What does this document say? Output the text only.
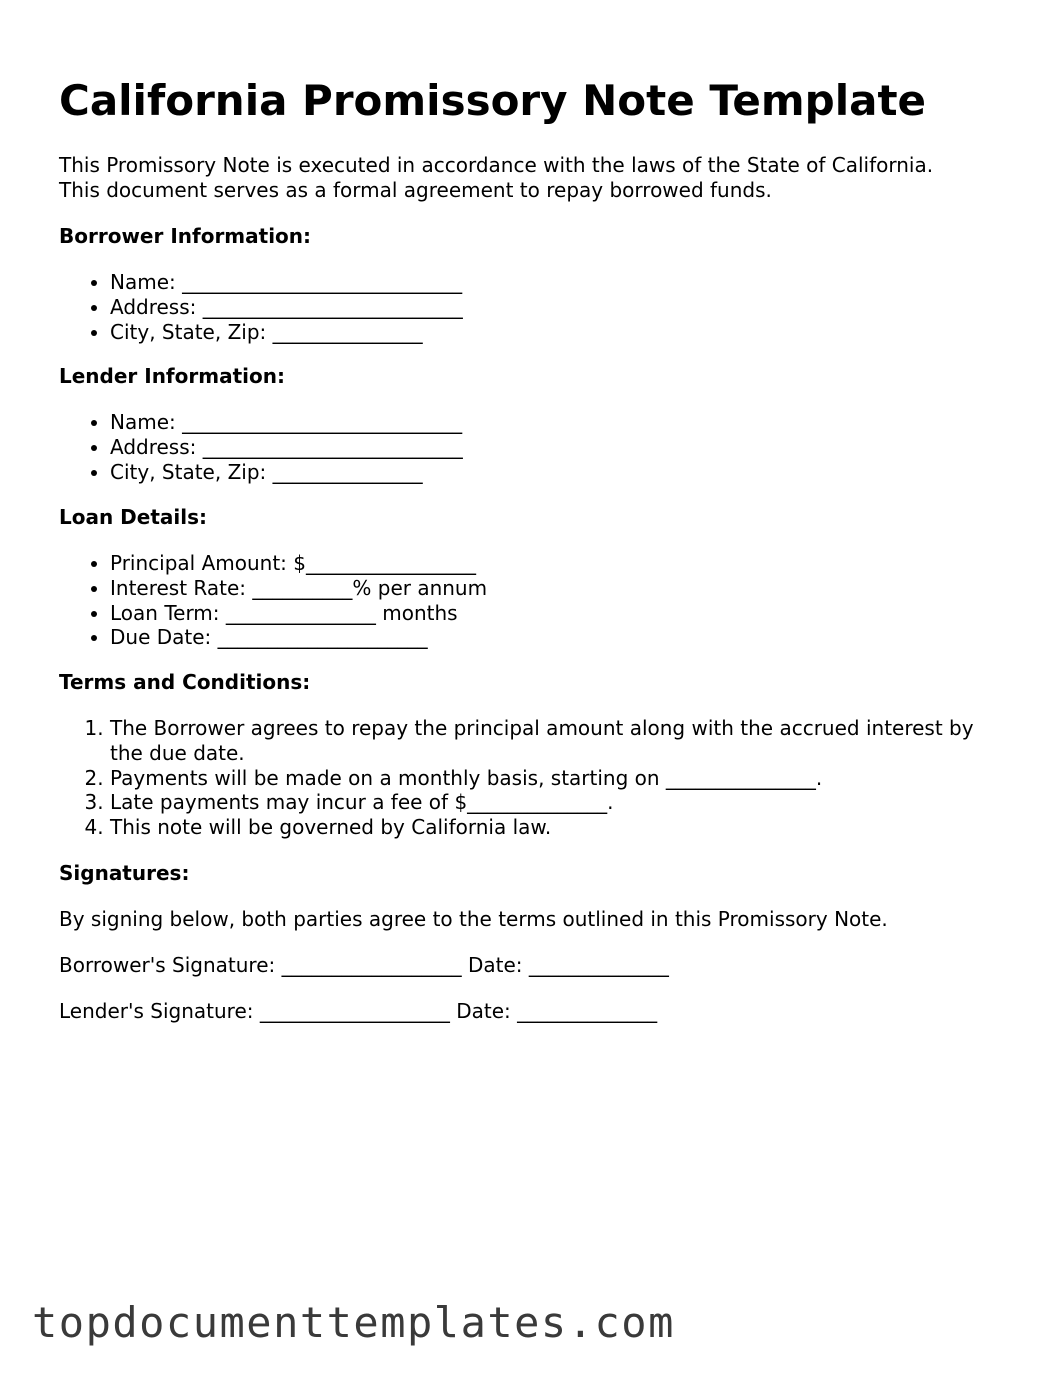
California Promissory Note Template
This Promissory Note is executed in accordance with the laws of the State of California.
This document serves as a formal agreement to repay borrowed funds.

Borrower Information:

• Name: ____________________________
• Address: __________________________
• City, State, Zip: _______________

Lender Information:

• Name: ____________________________
• Address: __________________________
• City, State, Zip: _______________

Loan Details:

• Principal Amount: $_________________
• Interest Rate: __________% per annum
• Loan Term: _______________ months
• Due Date: _____________________

Terms and Conditions:

1. The Borrower agrees to repay the principal amount along with the accrued interest by the due date.
2. Payments will be made on a monthly basis, starting on _______________.
3. Late payments may incur a fee of $______________.
4. This note will be governed by California law.

Signatures:

By signing below, both parties agree to the terms outlined in this Promissory Note.

Borrower's Signature: __________________ Date: ______________

Lender's Signature: ___________________ Date: ______________

topdocumenttemplates.com
